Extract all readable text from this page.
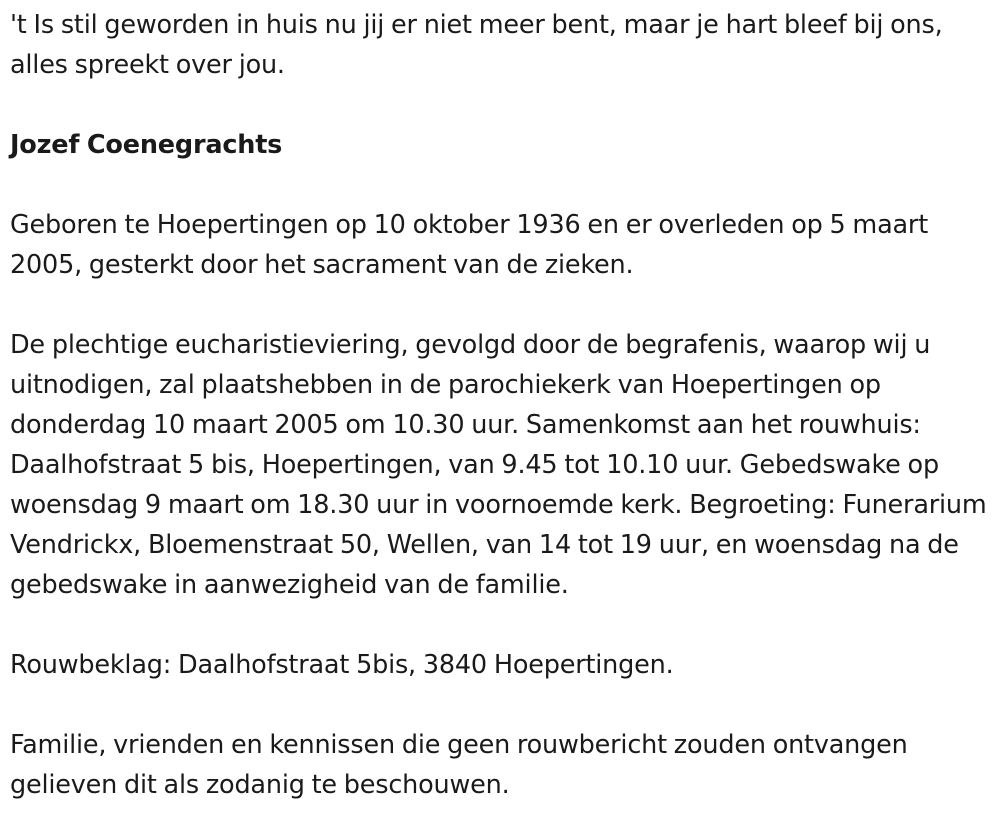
't Is stil geworden in huis nu jij er niet meer bent, maar je hart bleef bij ons, alles spreekt over jou.

Jozef Coenegrachts

Geboren te Hoepertingen op 10 oktober 1936 en er overleden op 5 maart 2005, gesterkt door het sacrament van de zieken.

De plechtige eucharistieviering, gevolgd door de begrafenis, waarop wij u uitnodigen, zal plaatshebben in de parochiekerk van Hoepertingen op donderdag 10 maart 2005 om 10.30 uur. Samenkomst aan het rouwhuis: Daalhofstraat 5 bis, Hoepertingen, van 9.45 tot 10.10 uur. Gebedswake op woensdag 9 maart om 18.30 uur in voornoemde kerk. Begroeting: Funerarium Vendrickx, Bloemenstraat 50, Wellen, van 14 tot 19 uur, en woensdag na de gebedswake in aanwezigheid van de familie.

Rouwbeklag: Daalhofstraat 5bis, 3840 Hoepertingen.

Familie, vrienden en kennissen die geen rouwbericht zouden ontvangen gelieven dit als zodanig te beschouwen.
